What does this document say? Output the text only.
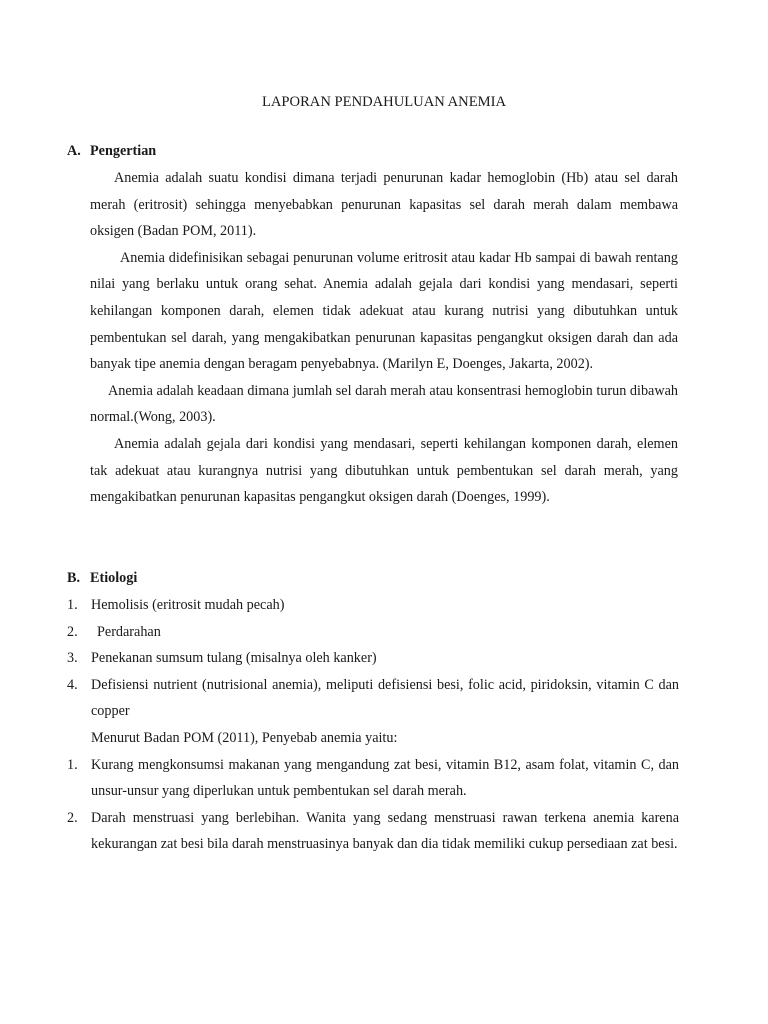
LAPORAN PENDAHULUAN ANEMIA
A. Pengertian

Anemia adalah suatu kondisi dimana terjadi penurunan kadar hemoglobin (Hb) atau sel darah merah (eritrosit) sehingga menyebabkan penurunan kapasitas sel darah merah dalam membawa oksigen (Badan POM, 2011).

Anemia didefinisikan sebagai penurunan volume eritrosit atau kadar Hb sampai di bawah rentang nilai yang berlaku untuk orang sehat. Anemia adalah gejala dari kondisi yang mendasari, seperti kehilangan komponen darah, elemen tidak adekuat atau kurang nutrisi yang dibutuhkan untuk pembentukan sel darah, yang mengakibatkan penurunan kapasitas pengangkut oksigen darah dan ada banyak tipe anemia dengan beragam penyebabnya. (Marilyn E, Doenges, Jakarta, 2002).

Anemia adalah keadaan dimana jumlah sel darah merah atau konsentrasi hemoglobin turun dibawah normal.(Wong, 2003).

Anemia adalah gejala dari kondisi yang mendasari, seperti kehilangan komponen darah, elemen tak adekuat atau kurangnya nutrisi yang dibutuhkan untuk pembentukan sel darah merah, yang mengakibatkan penurunan kapasitas pengangkut oksigen darah (Doenges, 1999).

B. Etiologi
1. Hemolisis (eritrosit mudah pecah)
2.	Perdarahan
3. Penekanan sumsum tulang (misalnya oleh kanker)
4. Defisiensi nutrient (nutrisional anemia), meliputi defisiensi besi, folic acid, piridoksin, vitamin C dan copper
Menurut Badan POM (2011), Penyebab anemia yaitu:
1. Kurang mengkonsumsi makanan yang mengandung zat besi, vitamin B12, asam folat, vitamin C, dan unsur-unsur yang diperlukan untuk pembentukan sel darah merah.
2. Darah menstruasi yang berlebihan. Wanita yang sedang menstruasi rawan terkena anemia karena kekurangan zat besi bila darah menstruasinya banyak dan dia tidak memiliki cukup persediaan zat besi.
